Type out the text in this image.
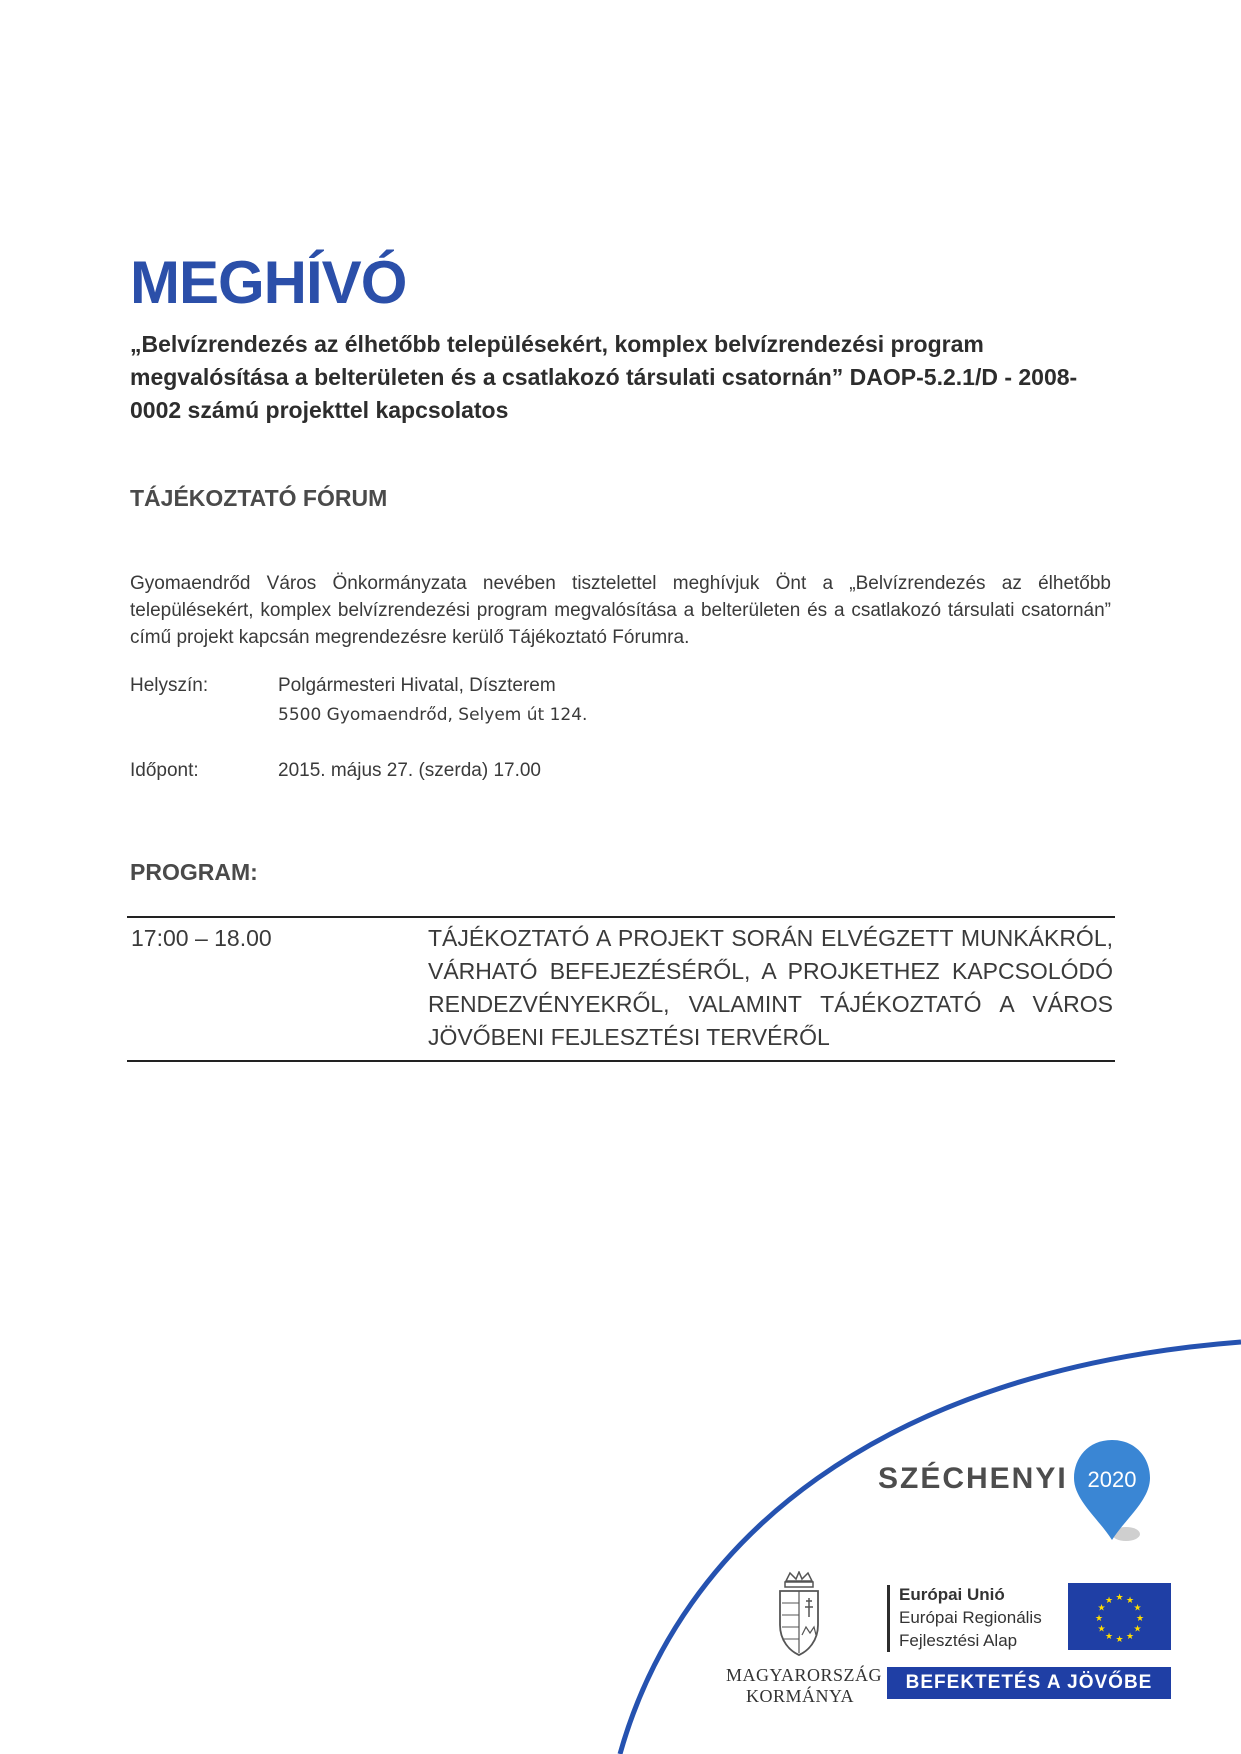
MEGHÍVÓ

„Belvízrendezés az élhetőbb településekért, komplex belvízrendezési program megvalósítása a belterületen és a csatlakozó társulati csatornán” DAOP-5.2.1/D - 2008-0002 számú projekttel kapcsolatos

TÁJÉKOZTATÓ FÓRUM

Gyomaendrőd Város Önkormányzata nevében tisztelettel meghívjuk Önt a „Belvízrendezés az élhetőbb településekért, komplex belvízrendezési program megvalósítása a belterületen és a csatlakozó társulati csatornán” című projekt kapcsán megrendezésre kerülő Tájékoztató Fórumra.

Helyszín:	Polgármesteri Hivatal, Díszterem
5500 Gyomaendrőd, Selyem út 124.
Időpont:	2015. május 27. (szerda) 17.00
PROGRAM:
17:00 – 18.00	TÁJÉKOZTATÓ A PROJEKT SORÁN ELVÉGZETT MUNKÁKRÓL, VÁRHATÓ BEFEJEZÉSÉRŐL, A PROJKETHEZ KAPCSOLÓDÓ RENDEZVÉNYEKRŐL, VALAMINT TÁJÉKOZTATÓ A VÁROS JÖVŐBENI FEJLESZTÉSI TERVÉRŐL
SZÉCHENYI 2020
MAGYARORSZÁG
KORMÁNYA
Európai Unió
Európai Regionális
Fejlesztési Alap
★ ★
★
★
★
★
★
★
★
★
★
★
BEFEKTETÉS A JÖVŐBE
